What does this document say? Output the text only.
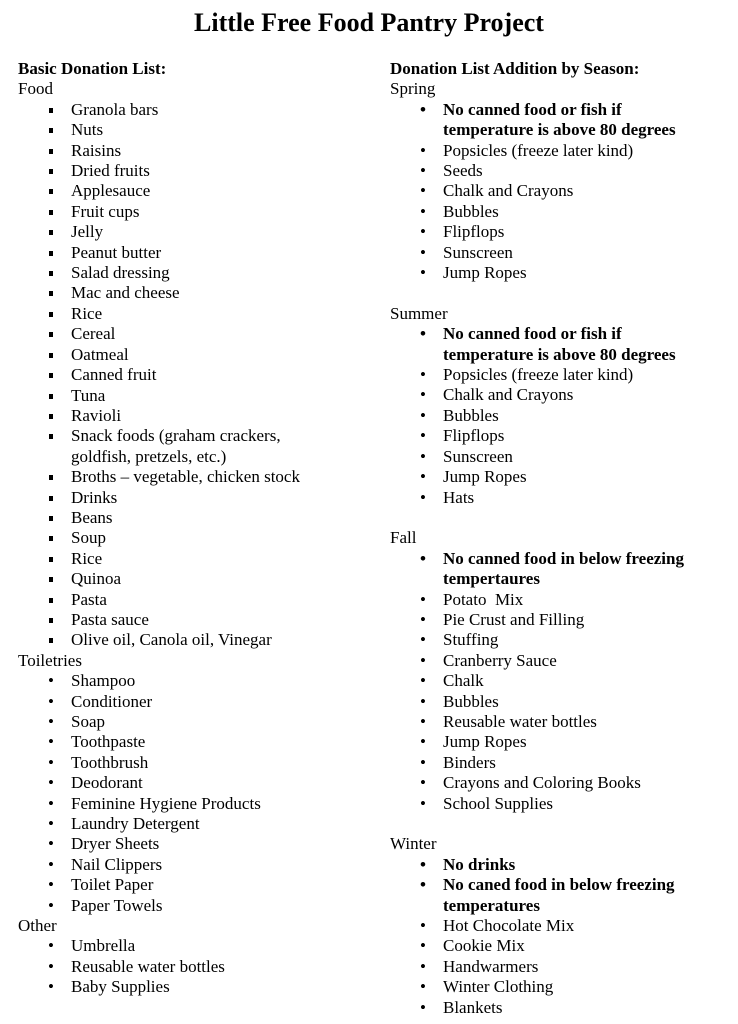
Little Free Food Pantry Project
Basic Donation List:
Food
Granola bars
Nuts
Raisins
Dried fruits
Applesauce
Fruit cups
Jelly
Peanut butter
Salad dressing
Mac and cheese
Rice
Cereal
Oatmeal
Canned fruit
Tuna
Ravioli
Snack foods (graham crackers,
goldfish, pretzels, etc.)
Broths – vegetable, chicken stock
Drinks
Beans
Soup
Rice
Quinoa
Pasta
Pasta sauce
Olive oil, Canola oil, Vinegar
Toiletries
Shampoo
Conditioner
Soap
Toothpaste
Toothbrush
Deodorant
Feminine Hygiene Products
Laundry Detergent
Dryer Sheets
Nail Clippers
Toilet Paper
Paper Towels
Other
Umbrella
Reusable water bottles
Baby Supplies
Donation List Addition by Season:
Spring
No canned food or fish if
temperature is above 80 degrees
Popsicles (freeze later kind)
Seeds
Chalk and Crayons
Bubbles
Flipflops
Sunscreen
Jump Ropes
Summer
No canned food or fish if
temperature is above 80 degrees
Popsicles (freeze later kind)
Chalk and Crayons
Bubbles
Flipflops
Sunscreen
Jump Ropes
Hats
Fall
No canned food in below freezing
tempertaures
Potato  Mix
Pie Crust and Filling
Stuffing
Cranberry Sauce
Chalk
Bubbles
Reusable water bottles
Jump Ropes
Binders
Crayons and Coloring Books
School Supplies
Winter
No drinks
No caned food in below freezing
temperatures
Hot Chocolate Mix
Cookie Mix
Handwarmers
Winter Clothing
Blankets
